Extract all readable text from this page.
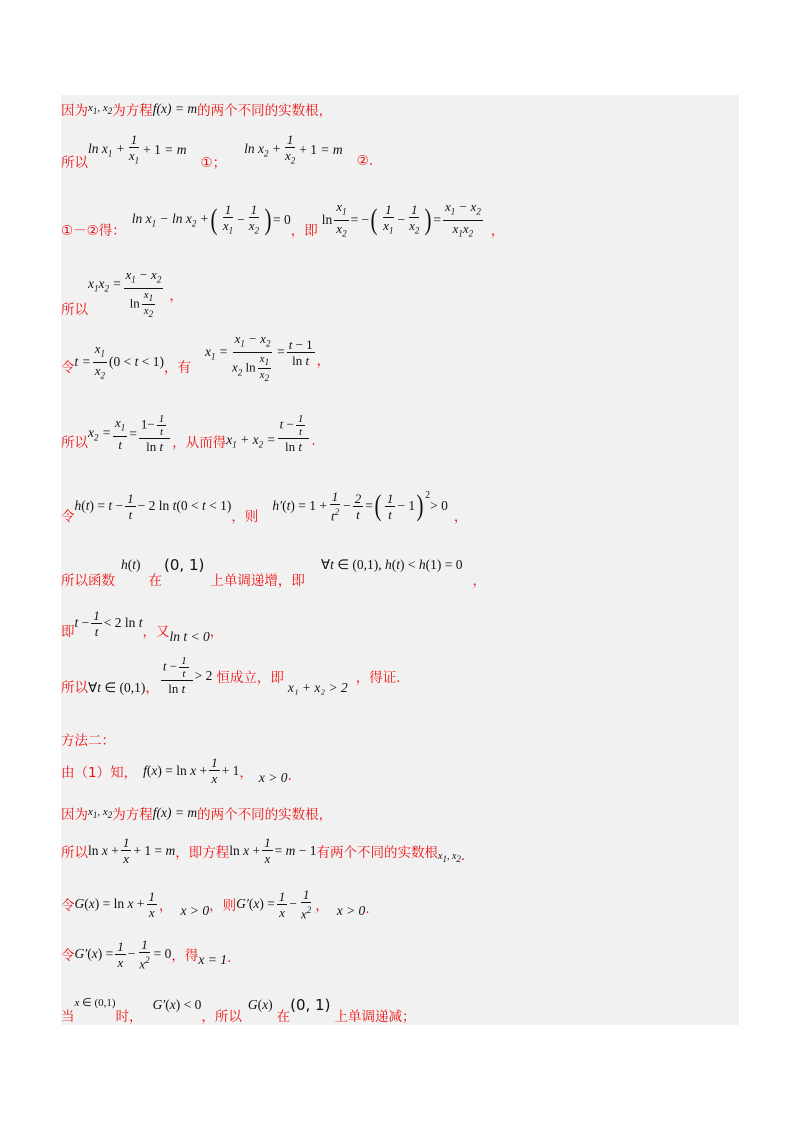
因为 $x_1$, $x_2$ 为方程 f(x) = m 的两个不同的实数根，
所以
$\ln x_1 + \frac{1}{x_1} + 1 = m$
①；
$\ln x_2 + \frac{1}{x_2} + 1 = m$
②.
①－②得：
$\ln x_1 - \ln x_2$ + ( $\frac{1}{x_1} - \frac{1}{x_2}$ ) = 0
，即
$\ln \frac{x_1}{x_2}$ = − ( $\frac{1}{x_1} - \frac{1}{x_2}$ ) = $\frac{x_1 - x_2}{x_1x_2}$ ，
所以
$x_1x_2 = \frac{x_1 - x_2}{\ln \frac{x_1}{x_2}}$ ，
令 $t = \frac{x_1}{x_2} (0 < t < 1)$ ，有
$x_1 = \frac{x_1 - x_2}{x_2 \ln \frac{x_1}{x_2}} = \frac{t - 1}{\text{ln t}}$ ，
所以
$x_2 = \frac{x_1}{t} = \frac{1- \frac{1}{t}}{\text{ln t}}$ ，从而得 $x_1 + x_2 = \frac{t - \frac{1}{t}}{\text{ln t}}$ .
令
$h(t) = t - \frac{1}{t} - 2$ ln t(0 < t < 1)
，则
$h'(t) = 1 + \frac{1}{t^2} - \frac{2}{t}$ = ( $\frac{1}{t} - 1$ ) 2
> 0
，
所以函数
h(t)
在
(0, 1)
上单调递增，即
∀t ∈ (0,1), h(t) < h(1) = 0
，
即
$t - \frac{1}{t} < 2$ ln t
，又 ln t < 0 ，
所以 ∀t ∈ (0,1) ， $\frac{t - \frac{1}{t}}{\text{ln t}} > 2$ 恒成立，即
x₁ + x₂ > 2
，得证.
方法二：
由（1）知， $f(x) = \ln x + \frac{1}{x} + 1$ ， x > 0 .
因为 $x_1$, $x_2$ 为方程 f(x) = m 的两个不同的实数根，
所以 $\ln x + \frac{1}{x} + 1 = m$ ，即方程 $\ln x + \frac{1}{x} = m - 1$ 有两个不同的实数根 $x_1$, $x_2$ .
令 $G(x) = \ln x + \frac{1}{x}$ ， x > 0 ，则 $G'(x) = \frac{1}{x} - \frac{1}{x^2}$ ， x > 0 .
令 $G'(x) = \frac{1}{x} - \frac{1}{x^2} = 0$ ，得 x = 1 .
当
x ∈ (0,1)
时，
G′(x) < 0
，所以
G(x)
在
(0, 1)
上单调递减；
